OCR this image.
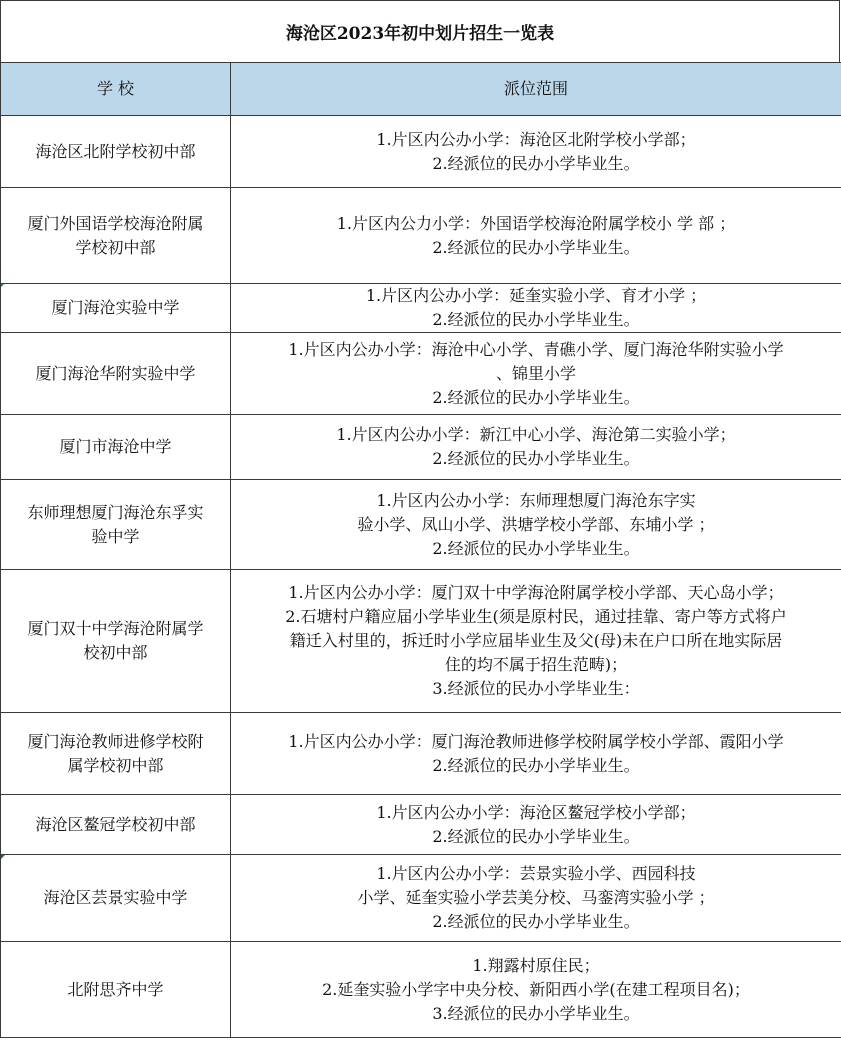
海沧区2023年初中划片招生一览表
学 校	派位范围

海沧区北附学校初中部	1.片区内公办小学：海沧区北附学校小学部；
2.经派位的民办小学毕业生。

厦门外国语学校海沧附属
学校初中部	1.片区内公力小学：外国语学校海沧附属学校小 学 部 ；
2.经派位的民办小学毕业生。

厦门海沧实验中学	1.片区内公办小学：延奎实验小学、育才小学 ；
2.经派位的民办小学毕业生。

厦门海沧华附实验中学	1.片区内公办小学：海沧中心小学、青礁小学、厦门海沧华附实验小学
、锦里小学
2.经派位的民办小学毕业生。

厦门市海沧中学	1.片区内公办小学：新江中心小学、海沧第二实验小学；
2.经派位的民办小学毕业生。

东师理想厦门海沧东孚实
验中学	1.片区内公办小学：东师理想厦门海沧东字实
验小学、凤山小学、洪塘学校小学部、东埔小学 ；
2.经派位的民办小学毕业生。

厦门双十中学海沧附属学
校初中部	1.片区内公办小学：厦门双十中学海沧附属学校小学部、天心岛小学；
2.石塘村户籍应届小学毕业生(须是原村民，通过挂靠、寄户等方式将户
籍迁入村里的，拆迁时小学应届毕业生及父(母)未在户口所在地实际居
住的均不属于招生范畴)；
3.经派位的民办小学毕业生：

厦门海沧教师进修学校附
属学校初中部	1.片区内公办小学：厦门海沧教师进修学校附属学校小学部、霞阳小学
2.经派位的民办小学毕业生。

海沧区鳌冠学校初中部	1.片区内公办小学：海沧区鳌冠学校小学部；
2.经派位的民办小学毕业生。

海沧区芸景实验中学	1.片区内公办小学：芸景实验小学、西园科技
小学、延奎实验小学芸美分校、马銮湾实验小学 ；
2.经派位的民办小学毕业生。

北附思齐中学	1.翔露村原住民；
2.延奎实验小学字中央分校、新阳西小学(在建工程项目名)；
3.经派位的民办小学毕业生。
